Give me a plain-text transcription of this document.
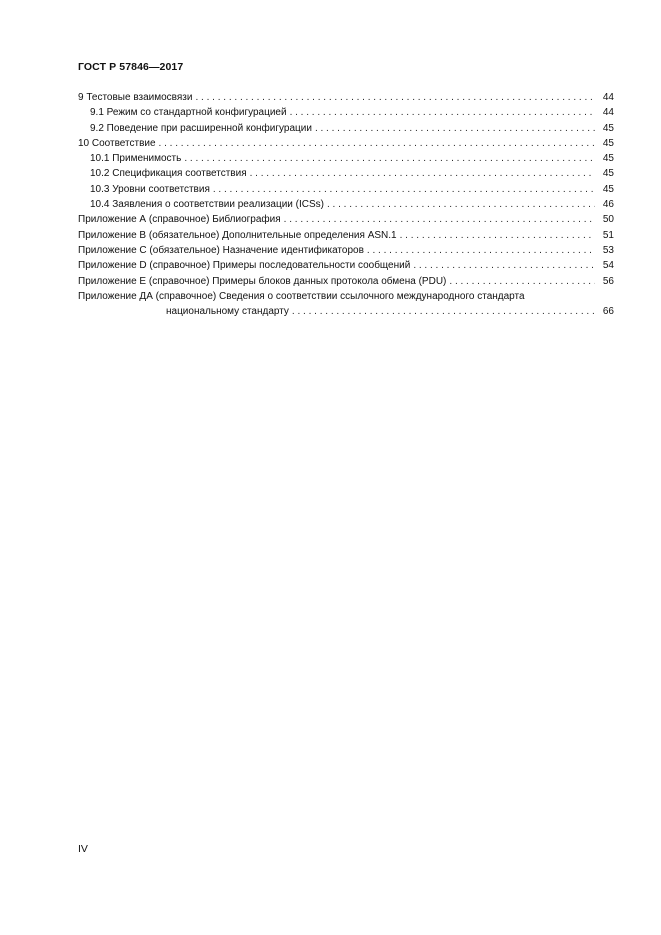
ГОСТ Р 57846—2017
9 Тестовые взаимосвязи . . .	44
9.1 Режим со стандартной конфигурацией . . .	44
9.2 Поведение при расширенной конфигурации . . .	45
10 Соответствие . . .	45
10.1 Применимость . . .	45
10.2 Спецификация соответствия . . .	45
10.3 Уровни соответствия . . .	45
10.4 Заявления о соответствии реализации (ICSs) . . .	46
Приложение А (справочное) Библиография . . .	50
Приложение В (обязательное) Дополнительные определения ASN.1 . . .	51
Приложение С (обязательное) Назначение идентификаторов . . .	53
Приложение D (справочное) Примеры последовательности сообщений . . .	54
Приложение Е (справочное) Примеры блоков данных протокола обмена (PDU) . . .	56
Приложение ДА (справочное) Сведения о соответствии ссылочного международного стандарта
национальному стандарту . . .	66
IV
